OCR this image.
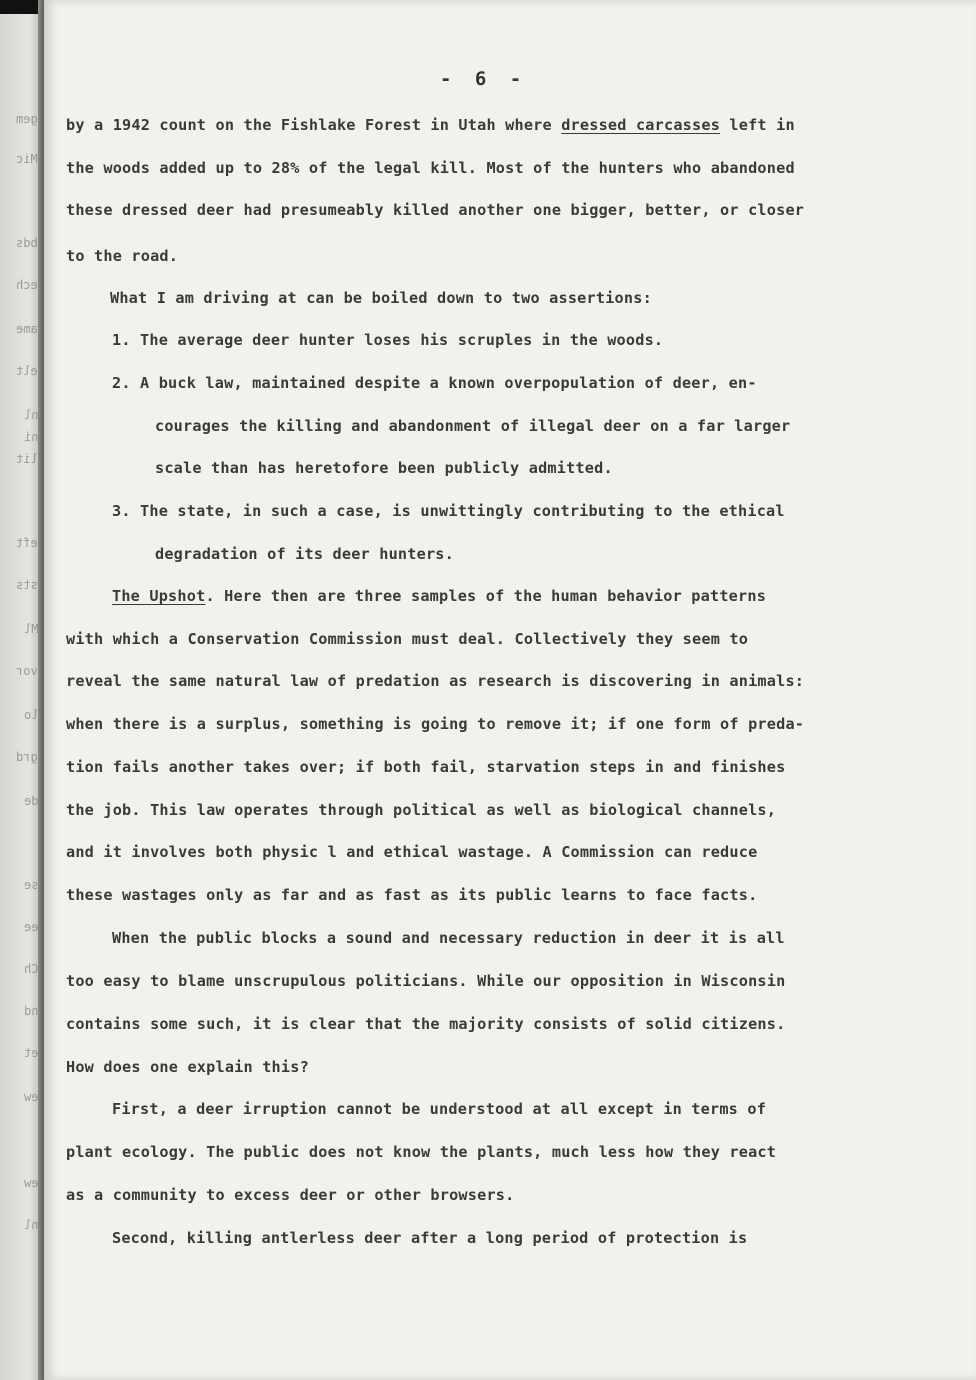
gem
Mic
bds
ech
ame
elt
nl
ni
lit
eft
sts
Ml
vor
lo
grd
de
se
ee
Ch
nd
et
ew
ew
nl
- 6 -
by a 1942 count on the Fishlake Forest in Utah where dressed carcasses left in
the woods added up to 28% of the legal kill. Most of the hunters who abandoned
these dressed deer had presumeably killed another one bigger, better, or closer
to the road.
What I am driving at can be boiled down to two assertions:
1. The average deer hunter loses his scruples in the woods.
2. A buck law, maintained despite a known overpopulation of deer, en-
courages the killing and abandonment of illegal deer on a far larger
scale than has heretofore been publicly admitted.
3. The state, in such a case, is unwittingly contributing to the ethical
degradation of its deer hunters.
The Upshot. Here then are three samples of the human behavior patterns
with which a Conservation Commission must deal. Collectively they seem to
reveal the same natural law of predation as research is discovering in animals:
when there is a surplus, something is going to remove it; if one form of preda-
tion fails another takes over; if both fail, starvation steps in and finishes
the job. This law operates through political as well as biological channels,
and it involves both physic l and ethical wastage. A Commission can reduce
these wastages only as far and as fast as its public learns to face facts.
When the public blocks a sound and necessary reduction in deer it is all
too easy to blame unscrupulous politicians. While our opposition in Wisconsin
contains some such, it is clear that the majority consists of solid citizens.
How does one explain this?
First, a deer irruption cannot be understood at all except in terms of
plant ecology. The public does not know the plants, much less how they react
as a community to excess deer or other browsers.
Second, killing antlerless deer after a long period of protection is
